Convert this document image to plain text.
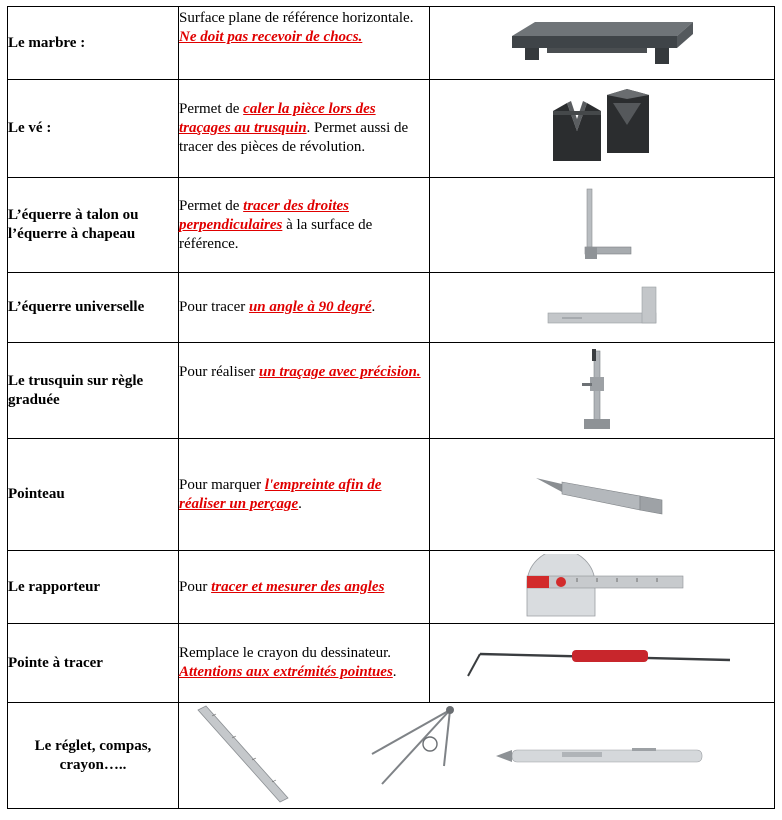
Le marbre :	Surface plane de référence horizontale. Ne doit pas recevoir de chocs.	

Le vé :	Permet de caler la pièce lors des traçages au trusquin. Permet aussi de tracer des pièces de révolution.	

L’équerre à talon ou l’équerre à chapeau	Permet de tracer des droites perpendiculaires à la surface de référence.	

L’équerre universelle	Pour tracer un angle à 90 degré.	

Le trusquin sur règle graduée	Pour réaliser un traçage avec précision.	

Pointeau	Pour marquer l'empreinte afin de réaliser un perçage.	

Le rapporteur	Pour tracer et mesurer des angles	

Pointe à tracer	Remplace le crayon du dessinateur. Attentions aux extrémités pointues.	

Le réglet, compas, crayon…..
